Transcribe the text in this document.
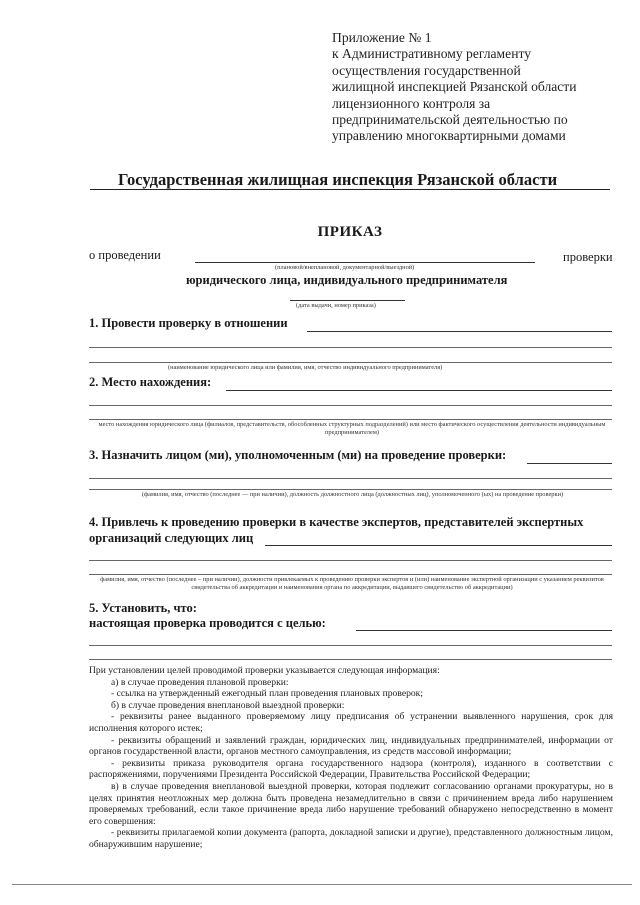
Приложение № 1
к Административному регламенту
осуществления государственной
жилищной инспекцией Рязанской области
лицензионного контроля за
предпринимательской деятельностью по
управлению многоквартирными домами
Государственная жилищная инспекция Рязанской области
ПРИКАЗ
о проведении	проверки
(плановой/внеплановой, документарной/выездной)
юридического лица, индивидуального предпринимателя
(дата выдачи, номер приказа)
1. Провести проверку в отношении
(наименование юридического лица или фамилия, имя, отчество индивидуального предпринимателя)
2. Место нахождения:
место нахождения юридического лица (филиалов, представительств, обособленных структурных подразделений) или место фактического осуществления деятельности индивидуальным предпринимателем)
3. Назначить лицом (ми), уполномоченным (ми) на проведение проверки:
(фамилия, имя, отчество (последнее — при наличии), должность должностного лица (должностных лиц), уполномоченного (ых) на проведение проверки)
4. Привлечь к проведению проверки в качестве экспертов, представителей экспертных
организаций следующих лиц
фамилия, имя, отчество (последнее – при наличии), должности привлекаемых к проведению проверки экспертов и (или) наименование экспертной организации с указанием реквизитов свидетельства об аккредитации и наименования органа по аккредитации, выдавшего свидетельство об аккредитации)
5. Установить, что:
настоящая проверка проводится с целью:

При установлении целей проводимой проверки указывается следующая информация:

а) в случае проведения плановой проверки:

- ссылка на утвержденный ежегодный план проведения плановых проверок;

б) в случае проведения внеплановой выездной проверки:

- реквизиты ранее выданного проверяемому лицу предписания об устранении выявленного нарушения, срок для исполнения которого истек;

- реквизиты обращений и заявлений граждан, юридических лиц, индивидуальных предпринимателей, информации от органов государственной власти, органов местного самоуправления, из средств массовой информации;

- реквизиты приказа руководителя органа государственного надзора (контроля), изданного в соответствии с распоряжениями, поручениями Президента Российской Федерации, Правительства Российской Федерации;

в) в случае проведения внеплановой выездной проверки, которая подлежит согласованию органами прокуратуры, но в целях принятия неотложных мер должна быть проведена незамедлительно в связи с причинением вреда либо нарушением проверяемых требований, если такое причинение вреда либо нарушение требований обнаружено непосредственно в момент его совершения:

- реквизиты прилагаемой копии документа (рапорта, докладной записки и другие), представленного должностным лицом, обнаружившим нарушение;
